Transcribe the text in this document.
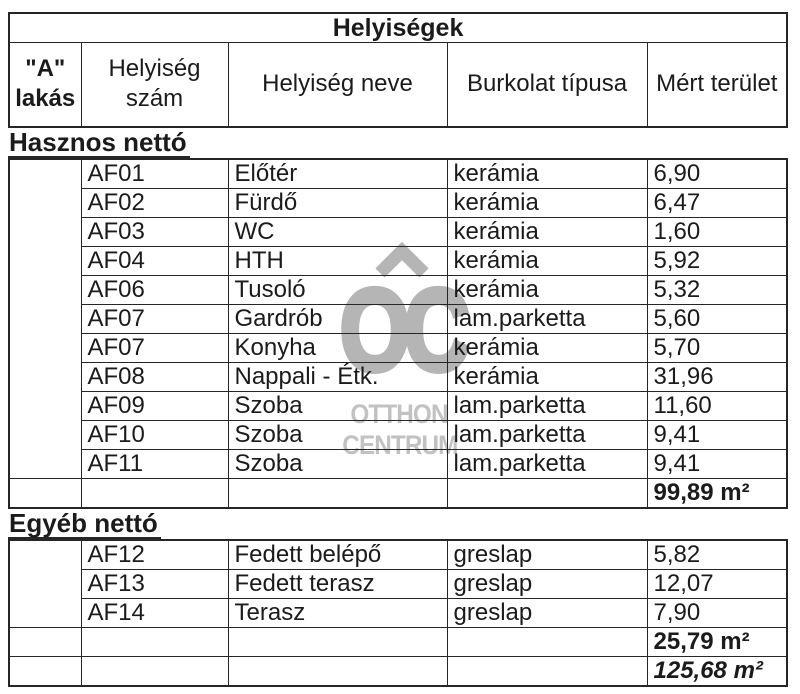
OC
OTTHON
CENTRUM
Helyiségek
"A" lakás	Helyiség szám	Helyiség neve	Burkolat típusa	Mért terület
Hasznos nettó
	AF01	Előtér	kerámia	6,90
	AF02	Fürdő	kerámia	6,47
	AF03	WC	kerámia	1,60
	AF04	HTH	kerámia	5,92
	AF06	Tusoló	kerámia	5,32
	AF07	Gardrób	lam.parketta	5,60
	AF07	Konyha	kerámia	5,70
	AF08	Nappali - Étk.	kerámia	31,96
	AF09	Szoba	lam.parketta	11,60
	AF10	Szoba	lam.parketta	9,41
	AF11	Szoba	lam.parketta	9,41
				99,89 m²
Egyéb nettó
	AF12	Fedett belépő	greslap	5,82
	AF13	Fedett terasz	greslap	12,07
	AF14	Terasz	greslap	7,90
				25,79 m²
				125,68 m²
